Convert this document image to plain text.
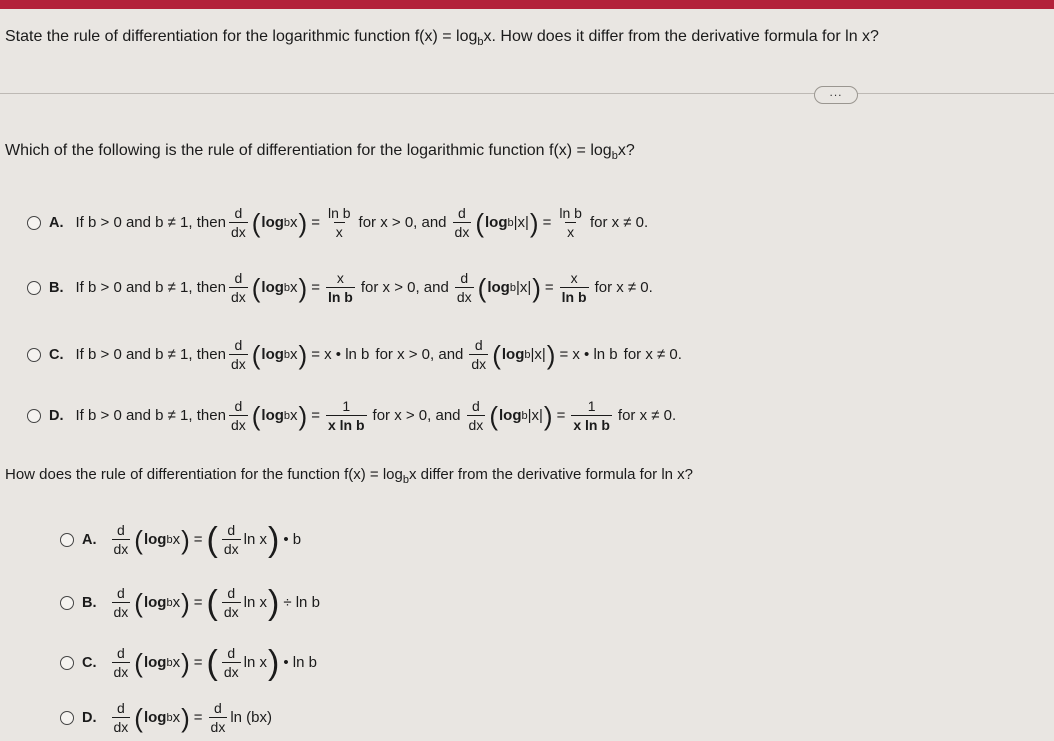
State the rule of differentiation for the logarithmic function $f(x) = \log_bx$. How does it differ from the derivative formula for ln x?
...
Which of the following is the rule of differentiation for the logarithmic function $f(x) = \log_bx$?
A. If b > 0 and b ≠ 1, then $\frac{d}{dx}$ ( log b x ) = $\frac{\text{ln b}}{x}$ for x > 0, and $\frac{d}{dx}$ ( log b |x| ) = $\frac{\text{ln b}}{x}$ for x ≠ 0.
B. If b > 0 and b ≠ 1, then $\frac{d}{dx}$ ( log b x ) = $\frac{x}{\text{ln b}}$ for x > 0, and $\frac{d}{dx}$ ( log b |x| ) = $\frac{x}{\text{ln b}}$ for x ≠ 0.
C. If b > 0 and b ≠ 1, then $\frac{d}{dx}$ ( log b x ) = x • ln b for x > 0, and $\frac{d}{dx}$ ( log b |x| ) = x • ln b for x ≠ 0.
D. If b > 0 and b ≠ 1, then $\frac{d}{dx}$ ( log b x ) = $\frac{1}{\text{x ln b}}$ for x > 0, and $\frac{d}{dx}$ ( log b |x| ) = $\frac{1}{\text{x ln b}}$ for x ≠ 0.
How does the rule of differentiation for the function $f(x) = \log_bx$ differ from the derivative formula for ln x?
A. $\frac{d}{dx}$ ( log b x ) = ( $\frac{d}{dx}$ ln x ) • b
B. $\frac{d}{dx}$ ( log b x ) = ( $\frac{d}{dx}$ ln x ) ÷ ln b
C. $\frac{d}{dx}$ ( log b x ) = ( $\frac{d}{dx}$ ln x ) • ln b
D. $\frac{d}{dx}$ ( log b x ) = $\frac{d}{dx}$ ln (bx)
